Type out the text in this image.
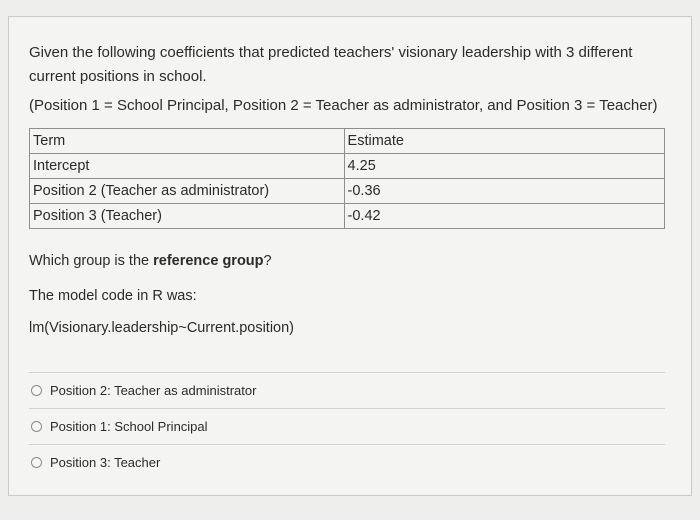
Given the following coefficients that predicted teachers' visionary leadership with 3 different current positions in school.
(Position 1 = School Principal, Position 2 = Teacher as administrator, and Position 3 = Teacher)
Term	Estimate
Intercept	4.25
Position 2 (Teacher as administrator)	-0.36
Position 3 (Teacher)	-0.42
Which group is the reference group?
The model code in R was:
lm(Visionary.leadership~Current.position)
Position 2: Teacher as administrator
Position 1: School Principal
Position 3: Teacher
